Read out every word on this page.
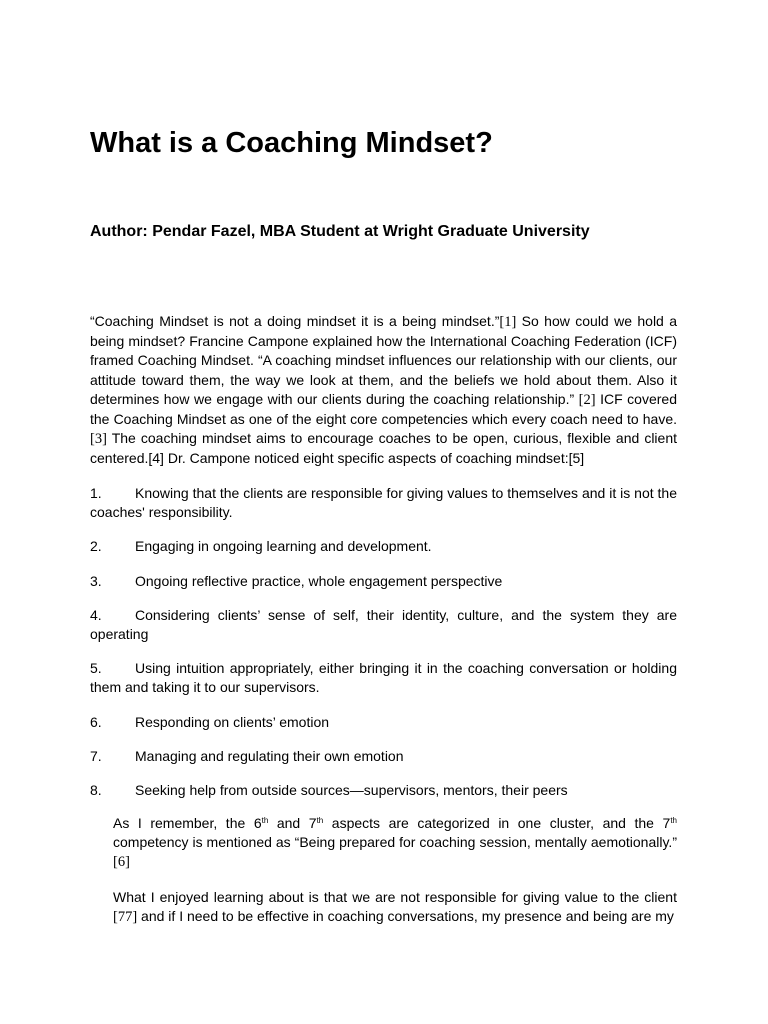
What is a Coaching Mindset?

Author: Pendar Fazel, MBA Student at Wright Graduate University

“Coaching Mindset is not a doing mindset it is a being mindset.”[1] So how could we hold a being mindset? Francine Campone explained how the International Coaching Federation (ICF) framed Coaching Mindset. “A coaching mindset influences our relationship with our clients, our attitude toward them, the way we look at them, and the beliefs we hold about them. Also it determines how we engage with our clients during the coaching relationship.” [2] ICF covered the Coaching Mindset as one of the eight core competencies which every coach need to have. [3] The coaching mindset aims to encourage coaches to be open, curious, flexible and client centered.[4] Dr. Campone noticed eight specific aspects of coaching mindset:[5]

1. Knowing that the clients are responsible for giving values to themselves and it is not the coaches' responsibility.

2. Engaging in ongoing learning and development.

3. Ongoing reflective practice, whole engagement perspective

4. Considering clients’ sense of self, their identity, culture, and the system they are operating

5. Using intuition appropriately, either bringing it in the coaching conversation or holding them and taking it to our supervisors.

6. Responding on clients’ emotion

7. Managing and regulating their own emotion

8. Seeking help from outside sources—supervisors, mentors, their peers

As I remember, the 6th and 7th aspects are categorized in one cluster, and the 7th competency is mentioned as “Being prepared for coaching session, mentally aemotionally.” [6]

What I enjoyed learning about is that we are not responsible for giving value to the client [77] and if I need to be effective in coaching conversations, my presence and being are my
